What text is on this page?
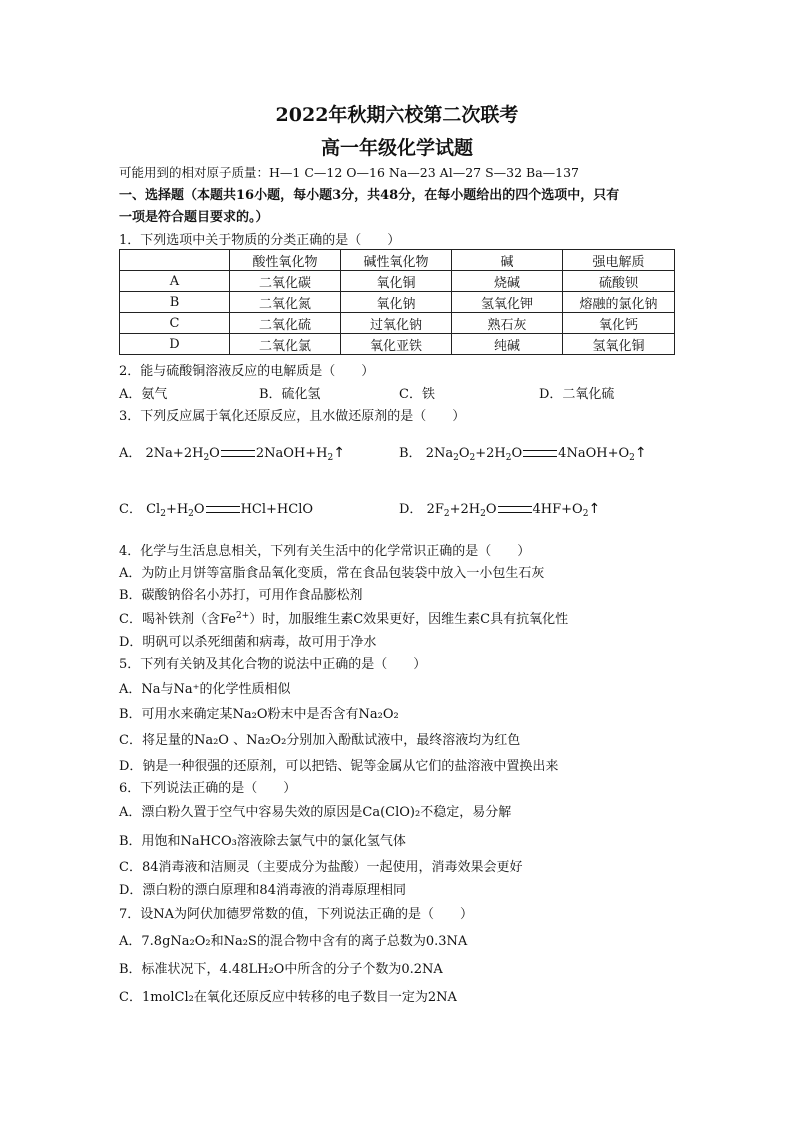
2022年秋期六校第二次联考
高一年级化学试题
可能用到的相对原子质量：H—1 C—12 O—16 Na—23 Al—27 S—32 Ba—137
一、选择题（本题共16小题，每小题3分，共48分，在每小题给出的四个选项中，只有
一项是符合题目要求的。）
1．下列选项中关于物质的分类正确的是（　　）
	酸性氧化物	碱性氧化物	碱	强电解质
A	二氧化碳	氧化铜	烧碱	硫酸钡
B	二氧化氮	氧化钠	氢氧化钾	熔融的氯化钠
C	二氧化硫	过氧化钠	熟石灰	氧化钙
D	二氧化氯	氧化亚铁	纯碱	氢氧化铜
2．能与硫酸铜溶液反应的电解质是（　　）
A．氨气	B．硫化氢	C．铁	D．二氧化硫
3．下列反应属于氧化还原反应，且水做还原剂的是（　　）
A． $2Na+2H_2O$	$2NaOH+H_2↑$	B． $2Na_2O_2+2H_2O$	$4NaOH+O_2↑$
C． $Cl_2+H_2O$	HCl+HClO	D． $2F_2+2H_2O$	$4HF+O_2↑$
4．化学与生活息息相关，下列有关生活中的化学常识正确的是（　　）
A．为防止月饼等富脂食品氧化变质，常在食品包装袋中放入一小包生石灰
B．碳酸钠俗名小苏打，可用作食品膨松剂
C．喝补铁剂（含$Fe^{2+}$）时，加服维生素C效果更好，因维生素C具有抗氧化性
D．明矾可以杀死细菌和病毒，故可用于净水
5．下列有关钠及其化合物的说法中正确的是（　　）
A．Na与Na⁺的化学性质相似
B．可用水来确定某Na₂O粉末中是否含有Na₂O₂
C．将足量的Na₂O 、Na₂O₂分别加入酚酞试液中，最终溶液均为红色
D．钠是一种很强的还原剂，可以把锆、铌等金属从它们的盐溶液中置换出来
6．下列说法正确的是（　　）
A．漂白粉久置于空气中容易失效的原因是Ca(ClO)₂不稳定，易分解
B．用饱和NaHCO₃溶液除去氯气中的氯化氢气体
C．84消毒液和洁厕灵（主要成分为盐酸）一起使用，消毒效果会更好
D．漂白粉的漂白原理和84消毒液的消毒原理相同
7．设NA为阿伏加德罗常数的值，下列说法正确的是（　　）
A．7.8gNa₂O₂和Na₂S的混合物中含有的离子总数为0.3NA
B．标准状况下，4.48LH₂O中所含的分子个数为0.2NA
C．1molCl₂在氧化还原反应中转移的电子数目一定为2NA
